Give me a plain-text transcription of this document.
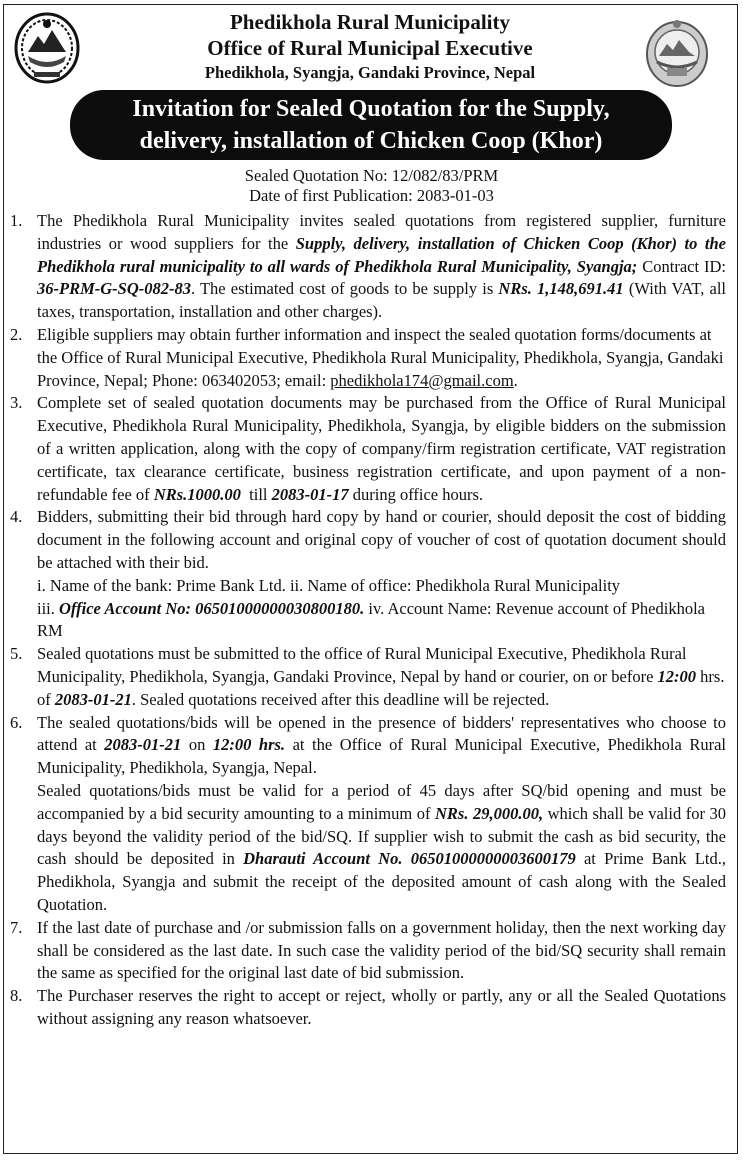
Phedikhola Rural Municipality
Office of Rural Municipal Executive
Phedikhola, Syangja, Gandaki Province, Nepal
Invitation for Sealed Quotation for the Supply,
delivery, installation of Chicken Coop (Khor)
Sealed Quotation No: 12/082/83/PRM
Date of first Publication: 2083-01-03
1. The Phedikhola Rural Municipality invites sealed quotations from registered supplier, furniture industries or wood suppliers for the Supply, delivery, installation of Chicken Coop (Khor) to the Phedikhola rural municipality to all wards of Phedikhola Rural Municipality, Syangja; Contract ID: 36-PRM-G-SQ-082-83. The estimated cost of goods to be supply is NRs. 1,148,691.41 (With VAT, all taxes, transportation, installation and other charges).
2. Eligible suppliers may obtain further information and inspect the sealed quotation forms/documents at the Office of Rural Municipal Executive, Phedikhola Rural Municipality, Phedikhola, Syangja, Gandaki Province, Nepal; Phone: 063402053; email: phedikhola174@gmail.com.
3. Complete set of sealed quotation documents may be purchased from the Office of Rural Municipal Executive, Phedikhola Rural Municipality, Phedikhola, Syangja, by eligible bidders on the submission of a written application, along with the copy of company/firm registration certificate, VAT registration certificate, tax clearance certificate, business registration certificate, and upon payment of a non-refundable fee of NRs.1000.00  till 2083-01-17 during office hours.
4. Bidders, submitting their bid through hard copy by hand or courier, should deposit the cost of bidding document in the following account and original copy of voucher of cost of quotation document should be attached with their bid.
i. Name of the bank: Prime Bank Ltd. ii. Name of office: Phedikhola Rural Municipality
iii. Office Account No: 06501000000030800180. iv. Account Name: Revenue account of Phedikhola RM
5. Sealed quotations must be submitted to the office of Rural Municipal Executive, Phedikhola Rural Municipality, Phedikhola, Syangja, Gandaki Province, Nepal by hand or courier, on or before 12:00 hrs. of 2083-01-21. Sealed quotations received after this deadline will be rejected.
6. The sealed quotations/bids will be opened in the presence of bidders' representatives who choose to attend at 2083-01-21 on 12:00 hrs. at the Office of Rural Municipal Executive, Phedikhola Rural Municipality, Phedikhola, Syangja, Nepal.
Sealed quotations/bids must be valid for a period of 45 days after SQ/bid opening and must be accompanied by a bid security amounting to a minimum of NRs. 29,000.00, which shall be valid for 30 days beyond the validity period of the bid/SQ. If supplier wish to submit the cash as bid security, the cash should be deposited in Dharauti Account No. 06501000000003600179 at Prime Bank Ltd., Phedikhola, Syangja and submit the receipt of the deposited amount of cash along with the Sealed Quotation.
7. If the last date of purchase and /or submission falls on a government holiday, then the next working day shall be considered as the last date. In such case the validity period of the bid/SQ security shall remain the same as specified for the original last date of bid submission.
8. The Purchaser reserves the right to accept or reject, wholly or partly, any or all the Sealed Quotations without assigning any reason whatsoever.
